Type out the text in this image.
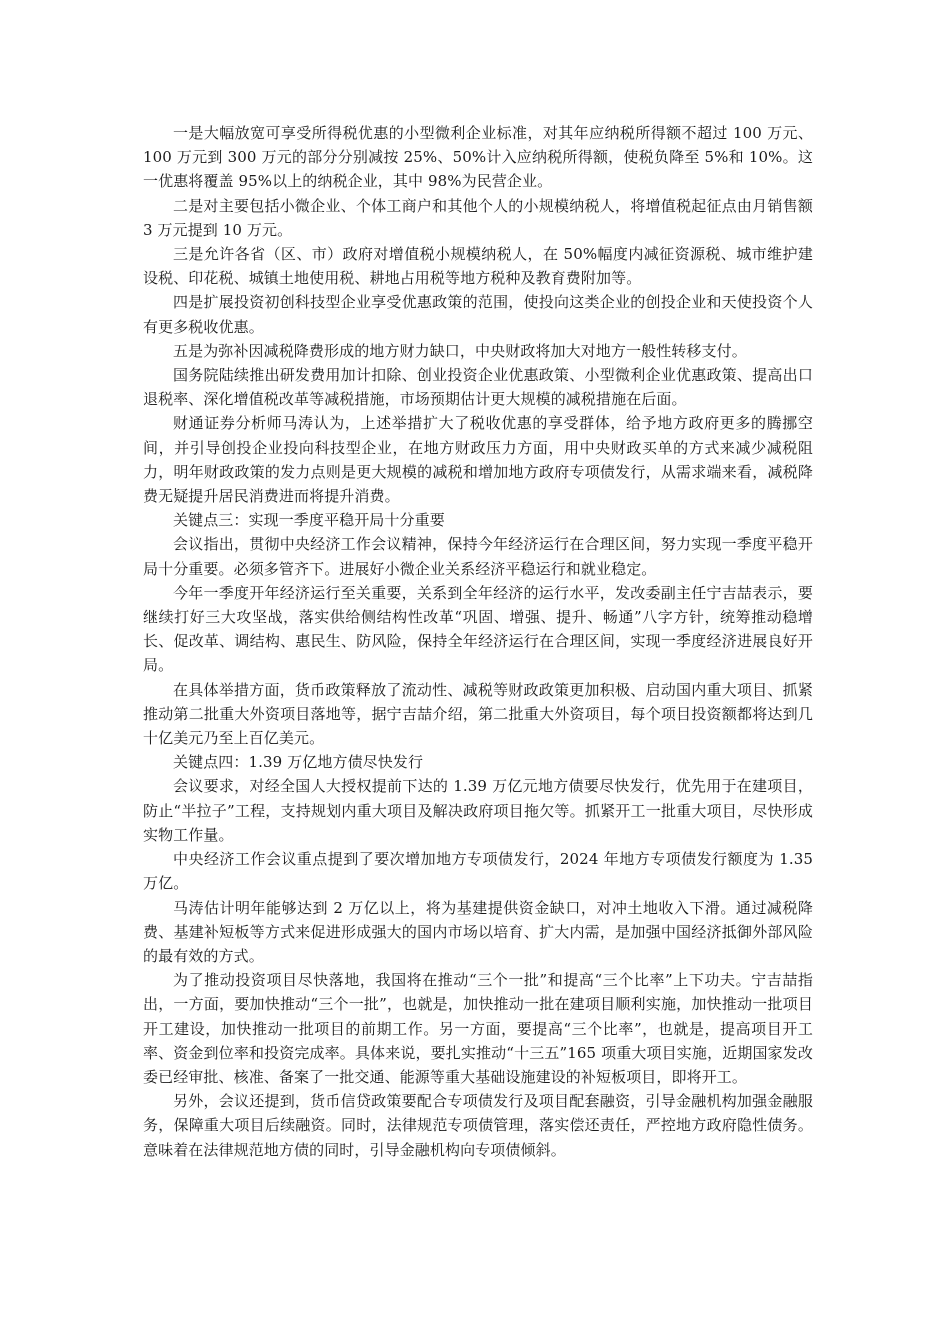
一是大幅放宽可享受所得税优惠的小型微利企业标准，对其年应纳税所得额不超过 100 万元、100 万元到 300 万元的部分分别减按 25%、50%计入应纳税所得额，使税负降至 5%和 10%。这一优惠将覆盖 95%以上的纳税企业，其中 98%为民营企业。

二是对主要包括小微企业、个体工商户和其他个人的小规模纳税人，将增值税起征点由月销售额 3 万元提到 10 万元。

三是允许各省（区、市）政府对增值税小规模纳税人，在 50%幅度内减征资源税、城市维护建设税、印花税、城镇土地使用税、耕地占用税等地方税种及教育费附加等。

四是扩展投资初创科技型企业享受优惠政策的范围，使投向这类企业的创投企业和天使投资个人有更多税收优惠。

五是为弥补因减税降费形成的地方财力缺口，中央财政将加大对地方一般性转移支付。

国务院陆续推出研发费用加计扣除、创业投资企业优惠政策、小型微利企业优惠政策、提高出口退税率、深化增值税改革等减税措施，市场预期估计更大规模的减税措施在后面。

财通证券分析师马涛认为，上述举措扩大了税收优惠的享受群体，给予地方政府更多的腾挪空间，并引导创投企业投向科技型企业，在地方财政压力方面，用中央财政买单的方式来减少减税阻力，明年财政政策的发力点则是更大规模的减税和增加地方政府专项债发行，从需求端来看，减税降费无疑提升居民消费进而将提升消费。

关键点三：实现一季度平稳开局十分重要

会议指出，贯彻中央经济工作会议精神，保持今年经济运行在合理区间，努力实现一季度平稳开局十分重要。必须多管齐下。进展好小微企业关系经济平稳运行和就业稳定。

今年一季度开年经济运行至关重要，关系到全年经济的运行水平，发改委副主任宁吉喆表示，要继续打好三大攻坚战，落实供给侧结构性改革“巩固、增强、提升、畅通”八字方针，统筹推动稳增长、促改革、调结构、惠民生、防风险，保持全年经济运行在合理区间，实现一季度经济进展良好开局。

在具体举措方面，货币政策释放了流动性、减税等财政政策更加积极、启动国内重大项目、抓紧推动第二批重大外资项目落地等，据宁吉喆介绍，第二批重大外资项目，每个项目投资额都将达到几十亿美元乃至上百亿美元。

关键点四：1.39 万亿地方债尽快发行

会议要求，对经全国人大授权提前下达的 1.39 万亿元地方债要尽快发行，优先用于在建项目，防止“半拉子”工程，支持规划内重大项目及解决政府项目拖欠等。抓紧开工一批重大项目，尽快形成实物工作量。

中央经济工作会议重点提到了要次增加地方专项债发行，2024 年地方专项债发行额度为 1.35 万亿。

马涛估计明年能够达到 2 万亿以上，将为基建提供资金缺口，对冲土地收入下滑。通过减税降费、基建补短板等方式来促进形成强大的国内市场以培育、扩大内需，是加强中国经济抵御外部风险的最有效的方式。

为了推动投资项目尽快落地，我国将在推动“三个一批”和提高“三个比率”上下功夫。宁吉喆指出，一方面，要加快推动“三个一批”，也就是，加快推动一批在建项目顺利实施，加快推动一批项目开工建设，加快推动一批项目的前期工作。另一方面，要提高“三个比率”，也就是，提高项目开工率、资金到位率和投资完成率。具体来说，要扎实推动“十三五”165 项重大项目实施，近期国家发改委已经审批、核准、备案了一批交通、能源等重大基础设施建设的补短板项目，即将开工。

另外，会议还提到，货币信贷政策要配合专项债发行及项目配套融资，引导金融机构加强金融服务，保障重大项目后续融资。同时，法律规范专项债管理，落实偿还责任，严控地方政府隐性债务。意味着在法律规范地方债的同时，引导金融机构向专项债倾斜。
